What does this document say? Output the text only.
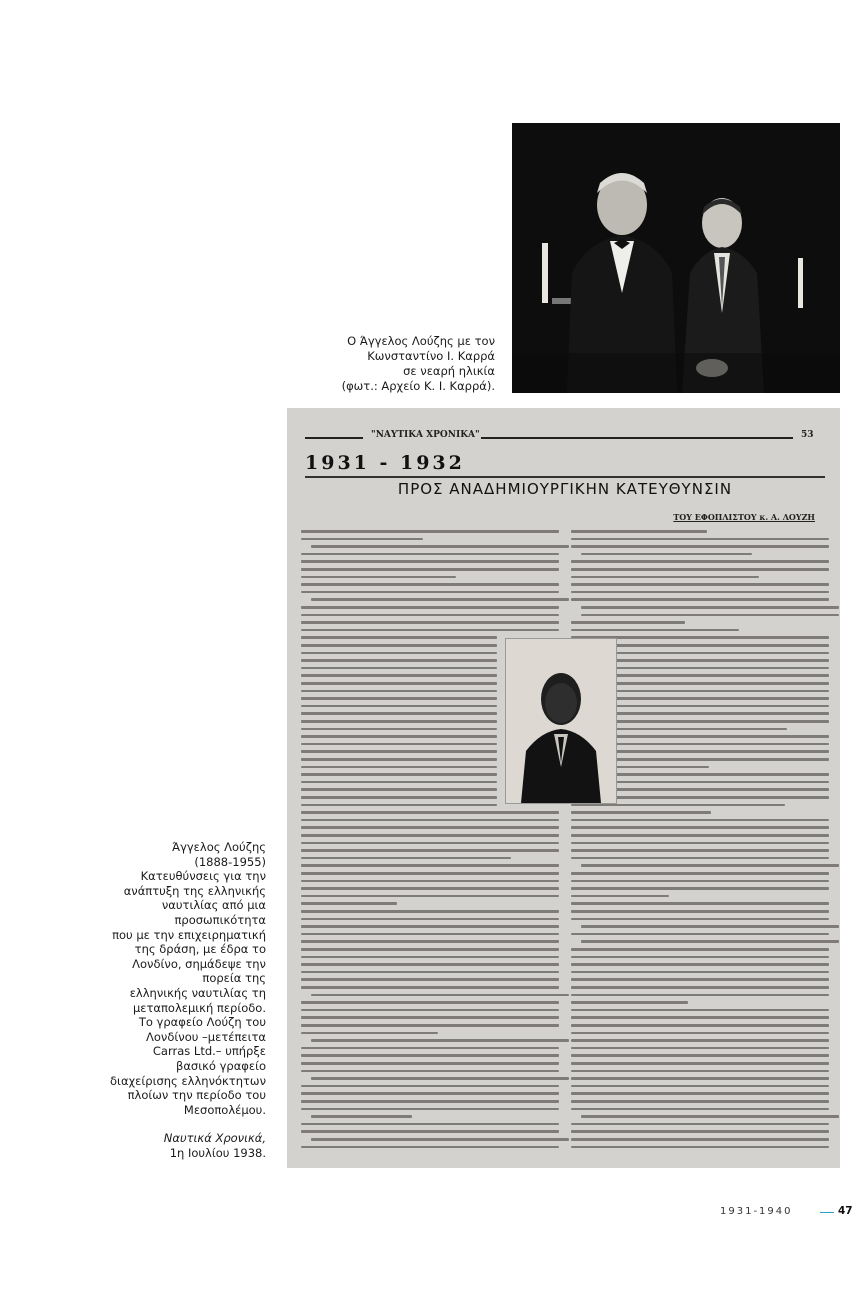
Ο Άγγελος Λούζης με τον
Κωνσταντίνο Ι. Καρρά
σε νεαρή ηλικία
(φωτ.: Αρχείο Κ. Ι. Καρρά).
"ΝΑΥΤΙΚΑ ΧΡΟΝΙΚΑ"	53
1931 - 1932
ΠΡΟΣ ΑΝΑΔΗΜΙΟΥΡΓΙΚΗΝ ΚΑΤΕΥΘΥΝΣΙΝ
ΤΟΥ ΕΦΟΠΛΙΣΤΟΥ κ. Α. ΛΟΥΖΗ
Άγγελος Λούζης
(1888-1955)
Κατευθύνσεις για την
ανάπτυξη της ελληνικής
ναυτιλίας από μια
προσωπικότητα
που με την επιχειρηματική
της δράση, με έδρα το
Λονδίνο, σημάδεψε την
πορεία της
ελληνικής ναυτιλίας τη
μεταπολεμική περίοδο.
Το γραφείο Λούζη του
Λονδίνου –μετέπειτα
Carras Ltd.– υπήρξε
βασικό γραφείο
διαχείρισης ελληνόκτητων
πλοίων την περίοδο του
Μεσοπολέμου.
Ναυτικά Χρονικά,
1η Ιουλίου 1938.
1931-1940	47
